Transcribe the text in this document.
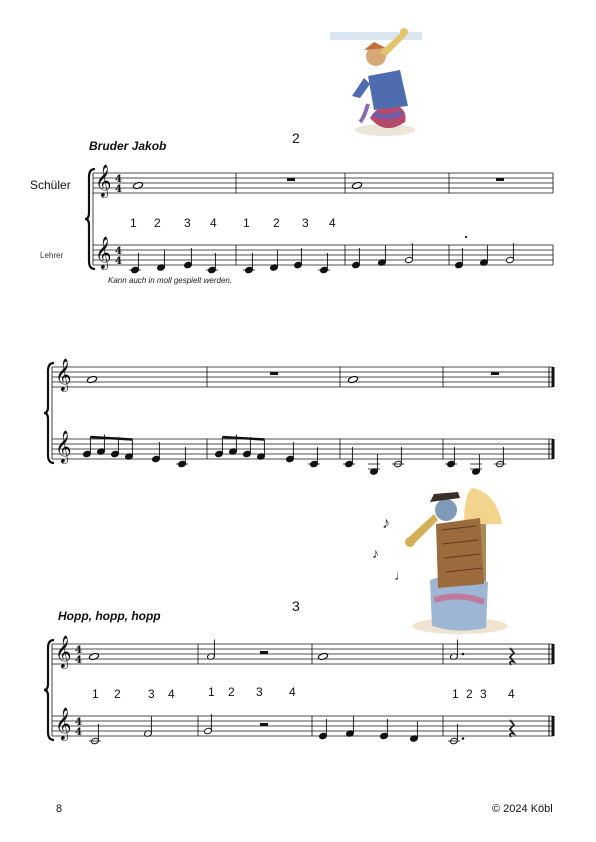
♪
♪
♩
2
Bruder Jakob
Schüler
Lehrer
Kann auch in moll gespielt werden.
1 2 3 4 1 2 3 4
3
Hopp, hopp, hopp
1 2 3 4	1 2 3 4	1 2 3 4
𝄞
𝄞
4
4
4
4
𝄞
𝄞
𝄞
𝄞
4
4
4
4
8	© 2024 Köbl
